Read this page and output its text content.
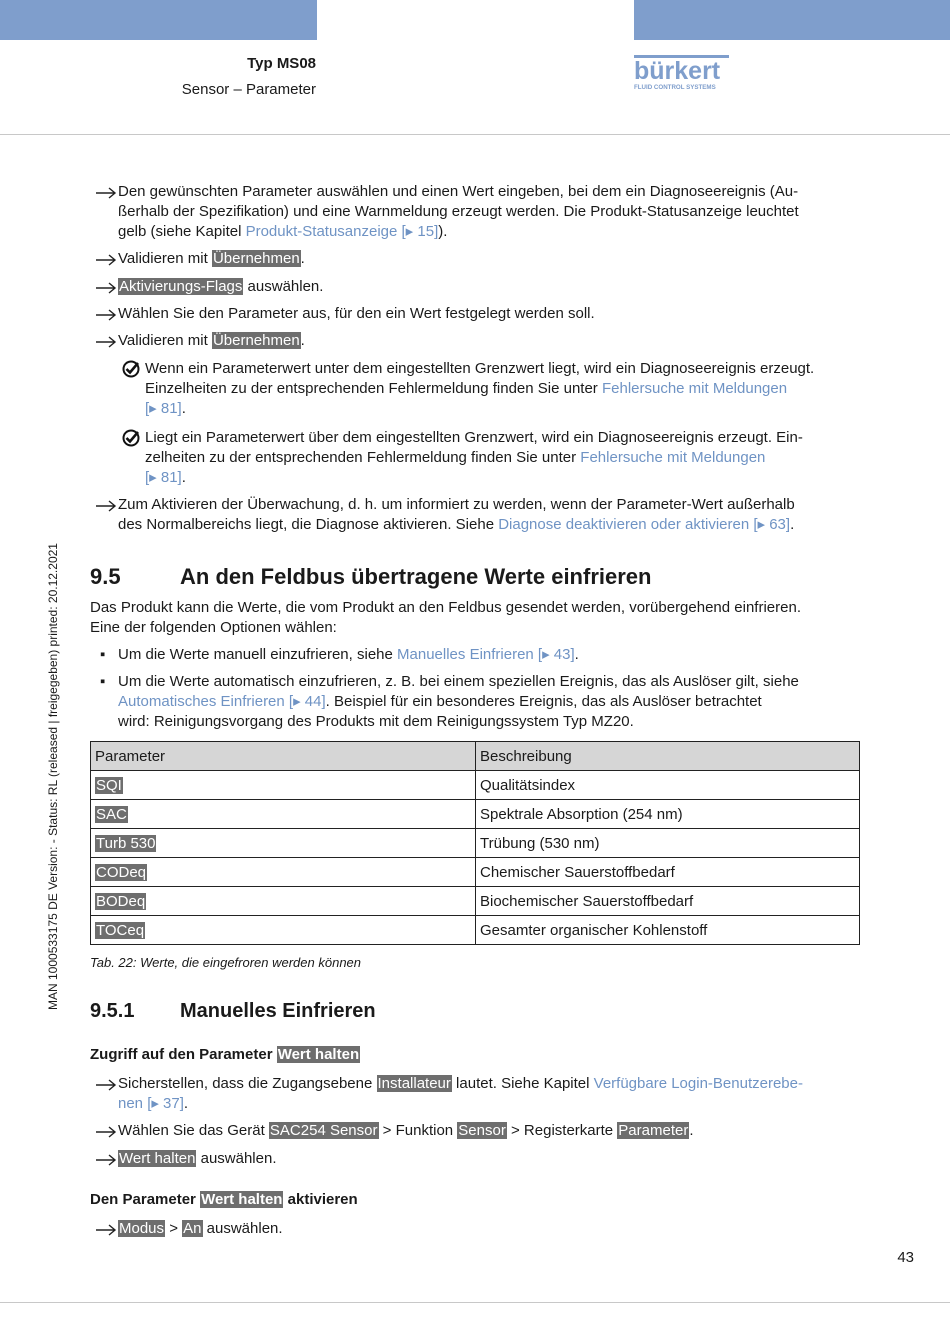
Typ MS08
Sensor – Parameter
bürkert
FLUID CONTROL SYSTEMS
MAN 1000533175 DE Version: - Status: RL (released | freigegeben) printed: 20.12.2021
Den gewünschten Parameter auswählen und einen Wert eingeben, bei dem ein Diagnoseereignis (Au-
ßerhalb der Spezifikation) und eine Warnmeldung erzeugt werden. Die Produkt-Statusanzeige leuchtet
gelb (siehe Kapitel Produkt-Statusanzeige [▸ 15]).
Validieren mit Übernehmen.
Aktivierungs-Flags auswählen.
Wählen Sie den Parameter aus, für den ein Wert festgelegt werden soll.
Validieren mit Übernehmen.
Wenn ein Parameterwert unter dem eingestellten Grenzwert liegt, wird ein Diagnoseereignis erzeugt.
Einzelheiten zu der entsprechenden Fehlermeldung finden Sie unter Fehlersuche mit Meldungen
[▸ 81].
Liegt ein Parameterwert über dem eingestellten Grenzwert, wird ein Diagnoseereignis erzeugt. Ein-
zelheiten zu der entsprechenden Fehlermeldung finden Sie unter Fehlersuche mit Meldungen
[▸ 81].
Zum Aktivieren der Überwachung, d. h. um informiert zu werden, wenn der Parameter-Wert außerhalb
des Normalbereichs liegt, die Diagnose aktivieren. Siehe Diagnose deaktivieren oder aktivieren [▸ 63].
9.5	An den Feldbus übertragene Werte einfrieren
Das Produkt kann die Werte, die vom Produkt an den Feldbus gesendet werden, vorübergehend einfrieren.
Eine der folgenden Optionen wählen:
▪ Um die Werte manuell einzufrieren, siehe Manuelles Einfrieren [▸ 43].
▪ Um die Werte automatisch einzufrieren, z. B. bei einem speziellen Ereignis, das als Auslöser gilt, siehe
Automatisches Einfrieren [▸ 44]. Beispiel für ein besonderes Ereignis, das als Auslöser betrachtet
wird: Reinigungsvorgang des Produkts mit dem Reinigungssystem Typ MZ20.
Parameter	Beschreibung
SQI	Qualitätsindex
SAC	Spektrale Absorption (254 nm)
Turb 530	Trübung (530 nm)
CODeq	Chemischer Sauerstoffbedarf
BODeq	Biochemischer Sauerstoffbedarf
TOCeq	Gesamter organischer Kohlenstoff
Tab. 22: Werte, die eingefroren werden können
9.5.1 Manuelles Einfrieren
Zugriff auf den Parameter Wert halten
Sicherstellen, dass die Zugangsebene Installateur lautet. Siehe Kapitel Verfügbare Login-Benutzerebe-
nen [▸ 37].
Wählen Sie das Gerät SAC254 Sensor > Funktion Sensor > Registerkarte Parameter.
Wert halten auswählen.
Den Parameter Wert halten aktivieren
Modus > An auswählen.
43
